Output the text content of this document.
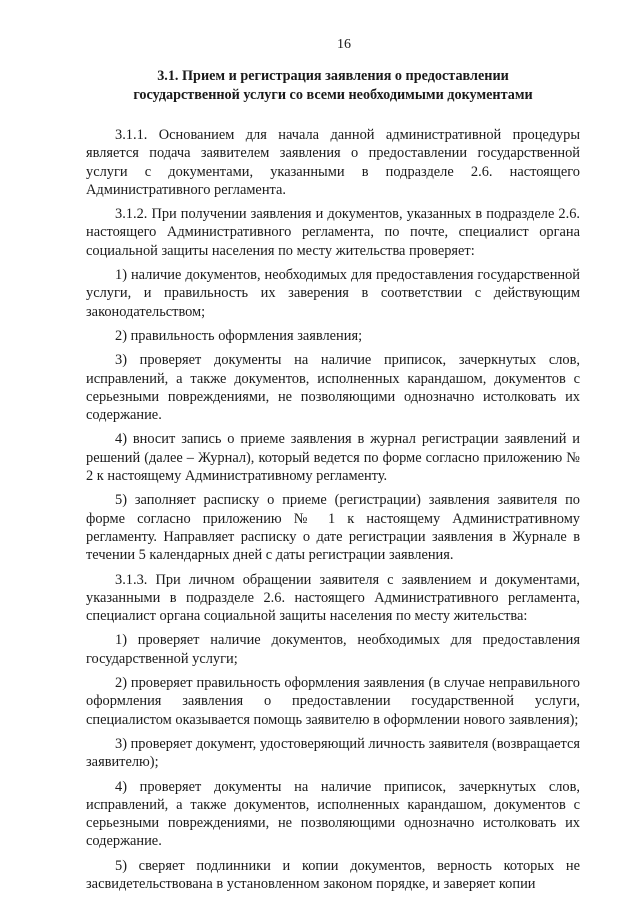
16
3.1. Прием и регистрация заявления о предоставлении
государственной услуги со всеми необходимыми документами

3.1.1. Основанием для начала данной административной процедуры является подача заявителем заявления о предоставлении государственной услуги с документами, указанными в подразделе 2.6. настоящего Административного регламента.

3.1.2. При получении заявления и документов, указанных в подразделе 2.6. настоящего Административного регламента, по почте, специалист органа социальной защиты населения по месту жительства проверяет:

1) наличие документов, необходимых для предоставления государственной услуги, и правильность их заверения в соответствии с действующим законодательством;

2) правильность оформления заявления;

3) проверяет документы на наличие приписок, зачеркнутых слов, исправлений, а также документов, исполненных карандашом, документов с серьезными повреждениями, не позволяющими однозначно истолковать их содержание.

4) вносит запись о приеме заявления в журнал регистрации заявлений и решений (далее – Журнал), который ведется по форме согласно приложению № 2 к настоящему Административному регламенту.

5) заполняет расписку о приеме (регистрации) заявления заявителя по форме согласно приложению № 1 к настоящему Административному регламенту. Направляет расписку о дате регистрации заявления в Журнале в течении 5 календарных дней с даты регистрации заявления.

3.1.3. При личном обращении заявителя с заявлением и документами, указанными в подразделе 2.6. настоящего Административного регламента, специалист органа социальной защиты населения по месту жительства:

1) проверяет наличие документов, необходимых для предоставления государственной услуги;

2) проверяет правильность оформления заявления (в случае неправильного оформления заявления о предоставлении государственной услуги, специалистом оказывается помощь заявителю в оформлении нового заявления);

3) проверяет документ, удостоверяющий личность заявителя (возвращается заявителю);

4) проверяет документы на наличие приписок, зачеркнутых слов, исправлений, а также документов, исполненных карандашом, документов с серьезными повреждениями, не позволяющими однозначно истолковать их содержание.

5) сверяет подлинники и копии документов, верность которых не засвидетельствована в установленном законом порядке, и заверяет копии
